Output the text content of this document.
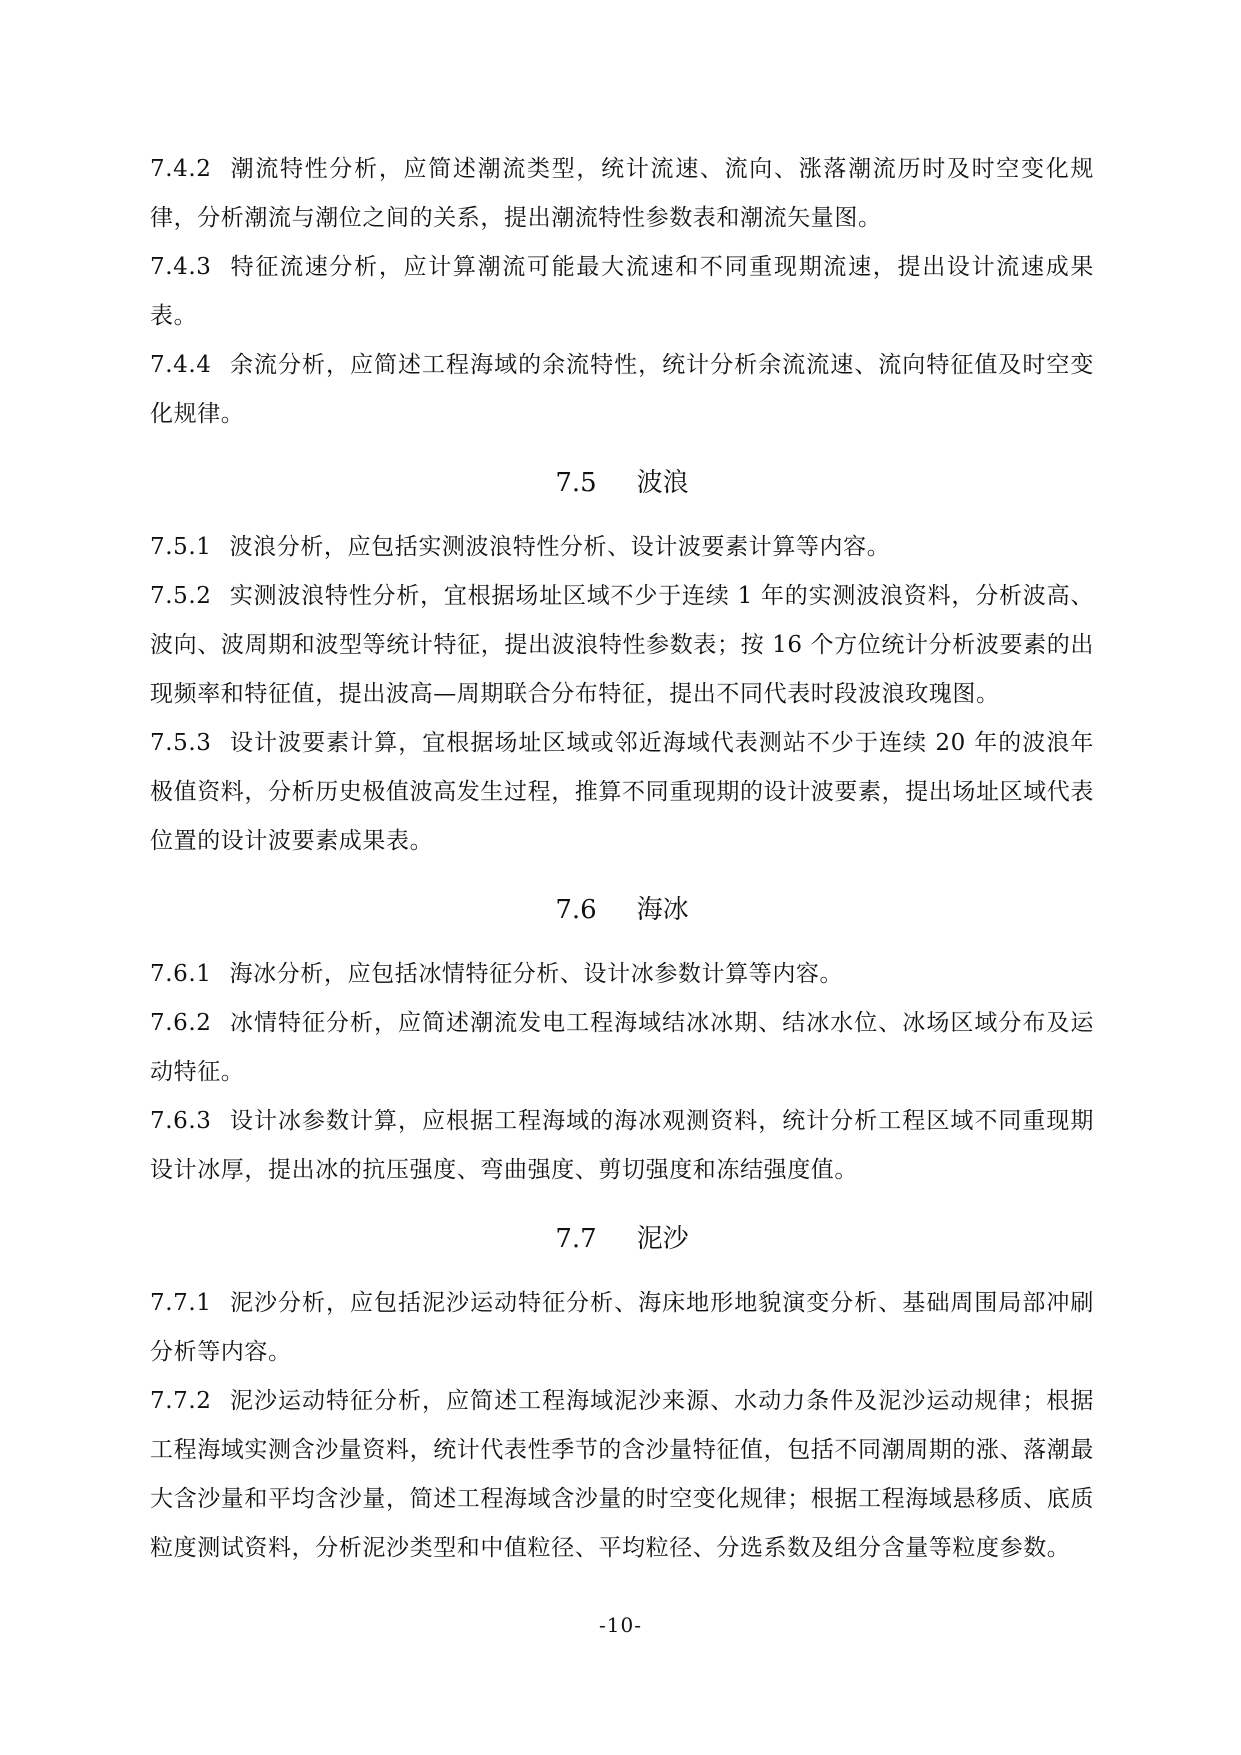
7.4.2 潮流特性分析，应简述潮流类型，统计流速、流向、涨落潮流历时及时空变化规律，分析潮流与潮位之间的关系，提出潮流特性参数表和潮流矢量图。

7.4.3 特征流速分析，应计算潮流可能最大流速和不同重现期流速，提出设计流速成果表。

7.4.4 余流分析，应简述工程海域的余流特性，统计分析余流流速、流向特征值及时空变化规律。

7.5 波浪

7.5.1 波浪分析，应包括实测波浪特性分析、设计波要素计算等内容。

7.5.2 实测波浪特性分析，宜根据场址区域不少于连续 1 年的实测波浪资料，分析波高、波向、波周期和波型等统计特征，提出波浪特性参数表；按 16 个方位统计分析波要素的出现频率和特征值，提出波高—周期联合分布特征，提出不同代表时段波浪玫瑰图。

7.5.3 设计波要素计算，宜根据场址区域或邻近海域代表测站不少于连续 20 年的波浪年极值资料，分析历史极值波高发生过程，推算不同重现期的设计波要素，提出场址区域代表位置的设计波要素成果表。

7.6 海冰

7.6.1 海冰分析，应包括冰情特征分析、设计冰参数计算等内容。

7.6.2 冰情特征分析，应简述潮流发电工程海域结冰冰期、结冰水位、冰场区域分布及运动特征。

7.6.3 设计冰参数计算，应根据工程海域的海冰观测资料，统计分析工程区域不同重现期设计冰厚，提出冰的抗压强度、弯曲强度、剪切强度和冻结强度值。

7.7 泥沙

7.7.1 泥沙分析，应包括泥沙运动特征分析、海床地形地貌演变分析、基础周围局部冲刷分析等内容。

7.7.2 泥沙运动特征分析，应简述工程海域泥沙来源、水动力条件及泥沙运动规律；根据工程海域实测含沙量资料，统计代表性季节的含沙量特征值，包括不同潮周期的涨、落潮最大含沙量和平均含沙量，简述工程海域含沙量的时空变化规律；根据工程海域悬移质、底质粒度测试资料，分析泥沙类型和中值粒径、平均粒径、分选系数及组分含量等粒度参数。

-10-
